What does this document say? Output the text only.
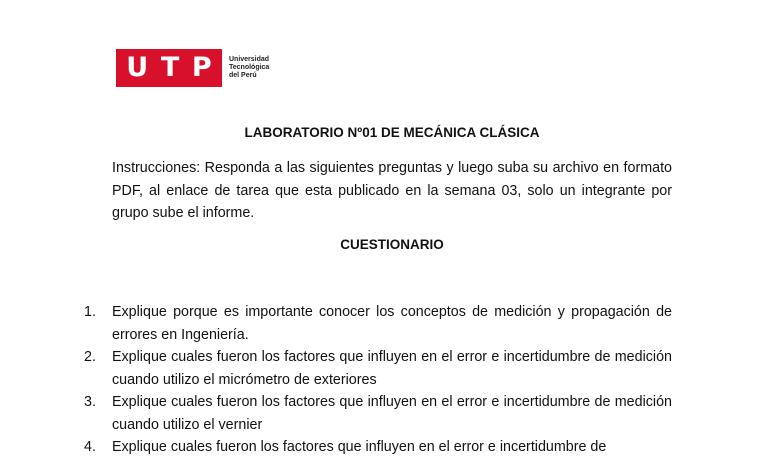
U T P Universidad
Tecnológica
del Perú
LABORATORIO Nº01 DE MECÁNICA CLÁSICA

Instrucciones: Responda a las siguientes preguntas y luego suba su archivo en formato PDF, al enlace de tarea que esta publicado en la semana 03, solo un integrante por grupo sube el informe.

CUESTIONARIO
1.	Explique porque es importante conocer los conceptos de medición y propagación de errores en Ingeniería.
2.	Explique cuales fueron los factores que influyen en el error e incertidumbre de medición cuando utilizo el micrómetro de exteriores
3.	Explique cuales fueron los factores que influyen en el error e incertidumbre de medición cuando utilizo el vernier
4.	Explique cuales fueron los factores que influyen en el error e incertidumbre de
